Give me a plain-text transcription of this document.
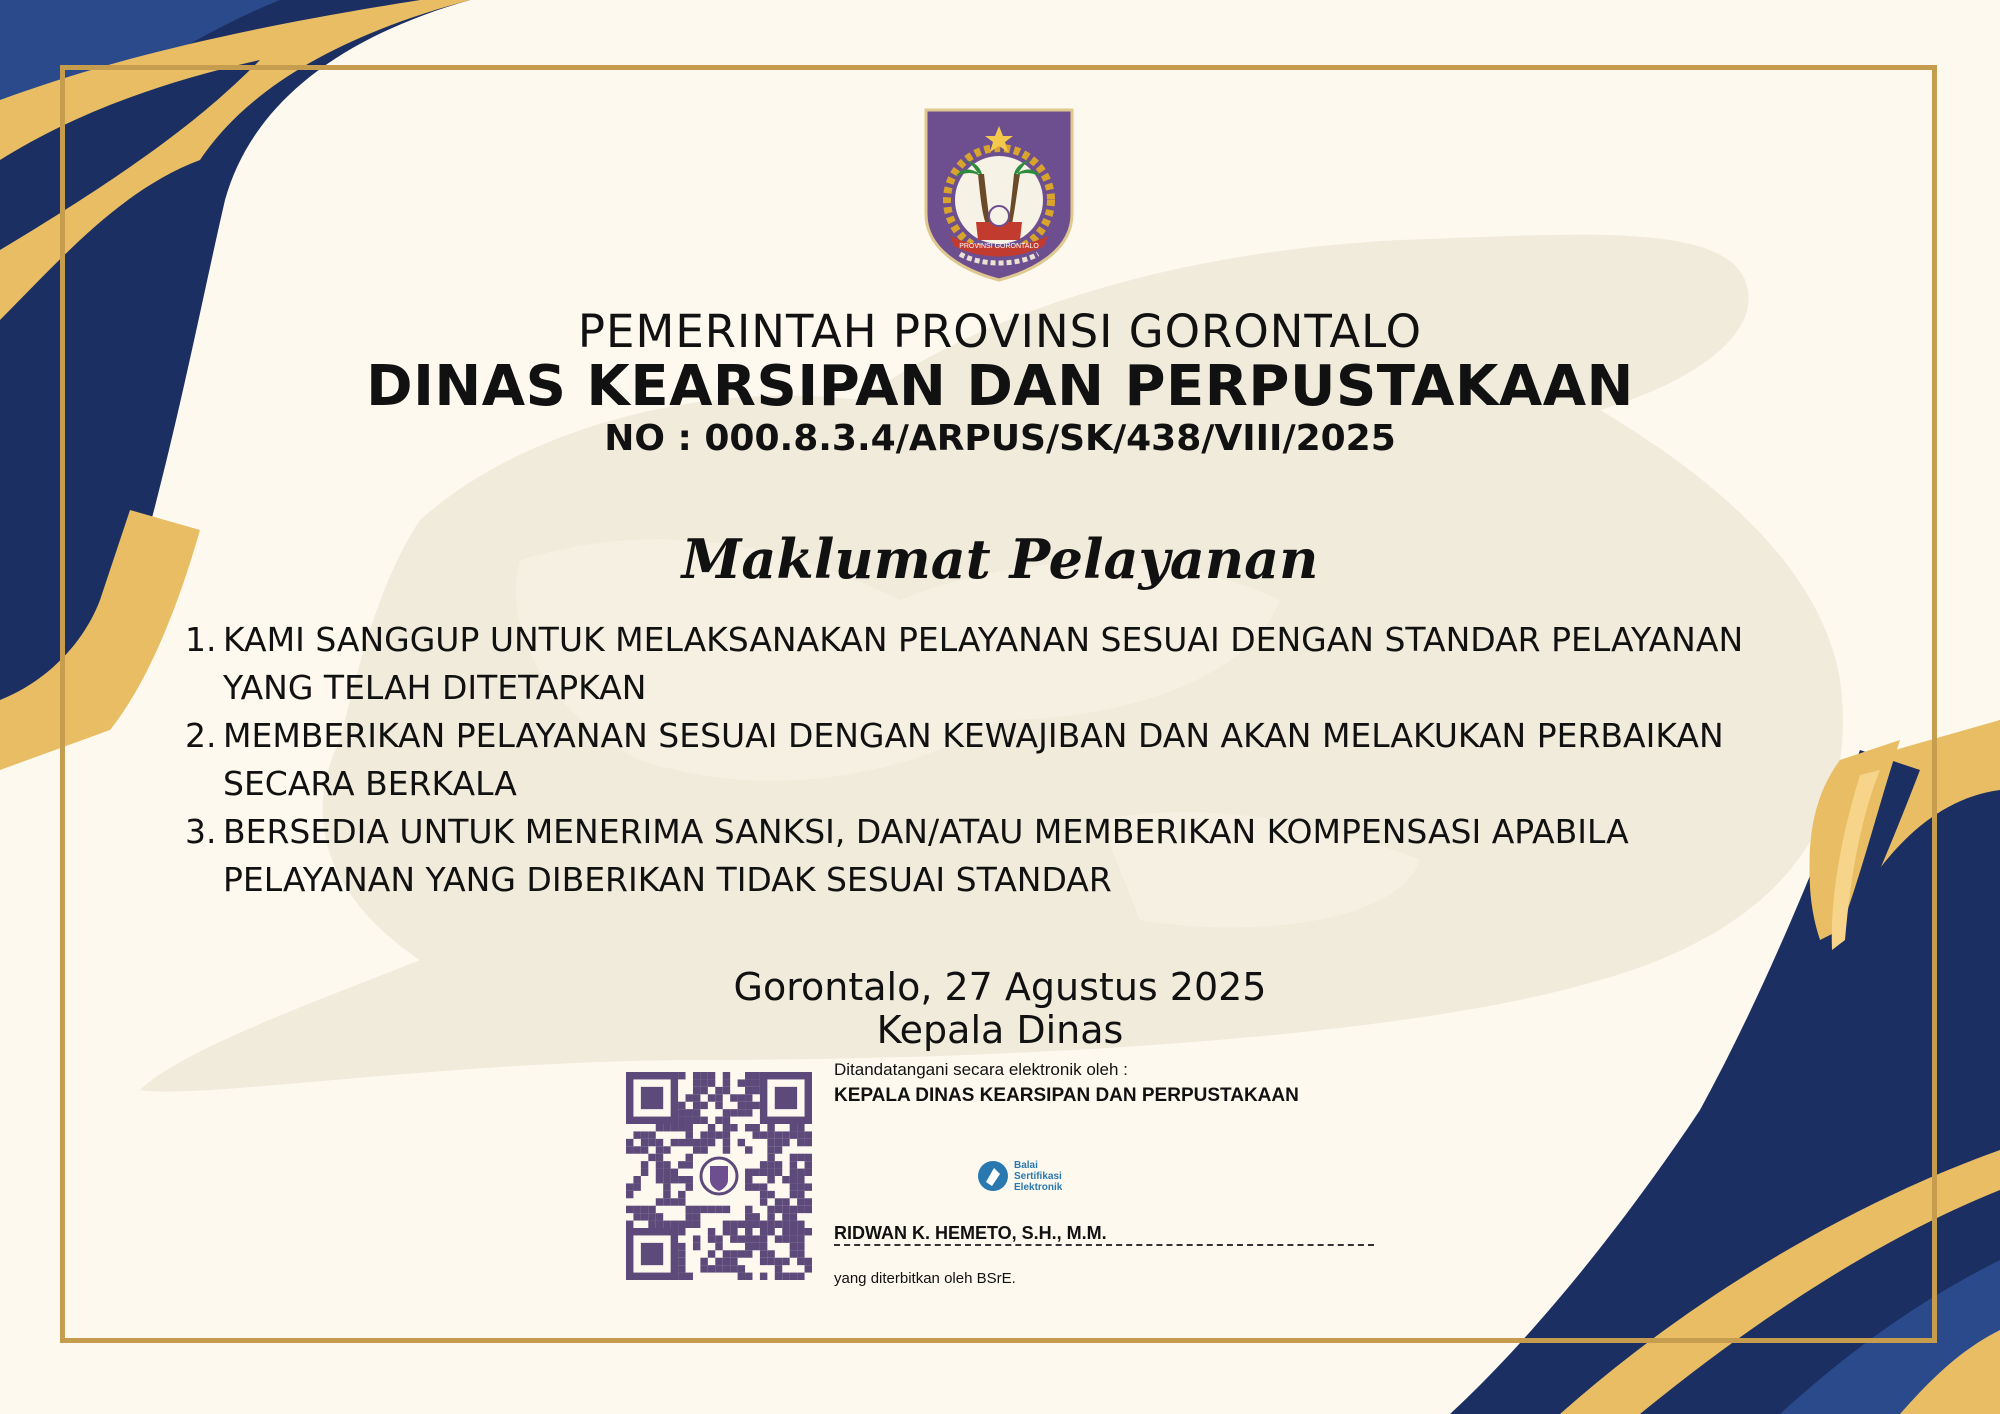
PROVINSI GORONTALO
PEMERINTAH PROVINSI GORONTALO
DINAS KEARSIPAN DAN PERPUSTAKAAN
NO : 000.8.3.4/ARPUS/SK/438/VIII/2025
Maklumat Pelayanan
1. KAMI SANGGUP UNTUK MELAKSANAKAN PELAYANAN SESUAI DENGAN STANDAR PELAYANAN
YANG TELAH DITETAPKAN
2. MEMBERIKAN PELAYANAN SESUAI DENGAN KEWAJIBAN DAN AKAN MELAKUKAN PERBAIKAN
SECARA BERKALA
3. BERSEDIA UNTUK MENERIMA SANKSI, DAN/ATAU MEMBERIKAN KOMPENSASI APABILA
PELAYANAN YANG DIBERIKAN TIDAK SESUAI STANDAR
Gorontalo, 27 Agustus 2025
Kepala Dinas
Ditandatangani secara elektronik oleh :
KEPALA DINAS KEARSIPAN DAN PERPUSTAKAAN
RIDWAN K. HEMETO, S.H., M.M.
yang diterbitkan oleh BSrE.
Balai
Sertifikasi
Elektronik
